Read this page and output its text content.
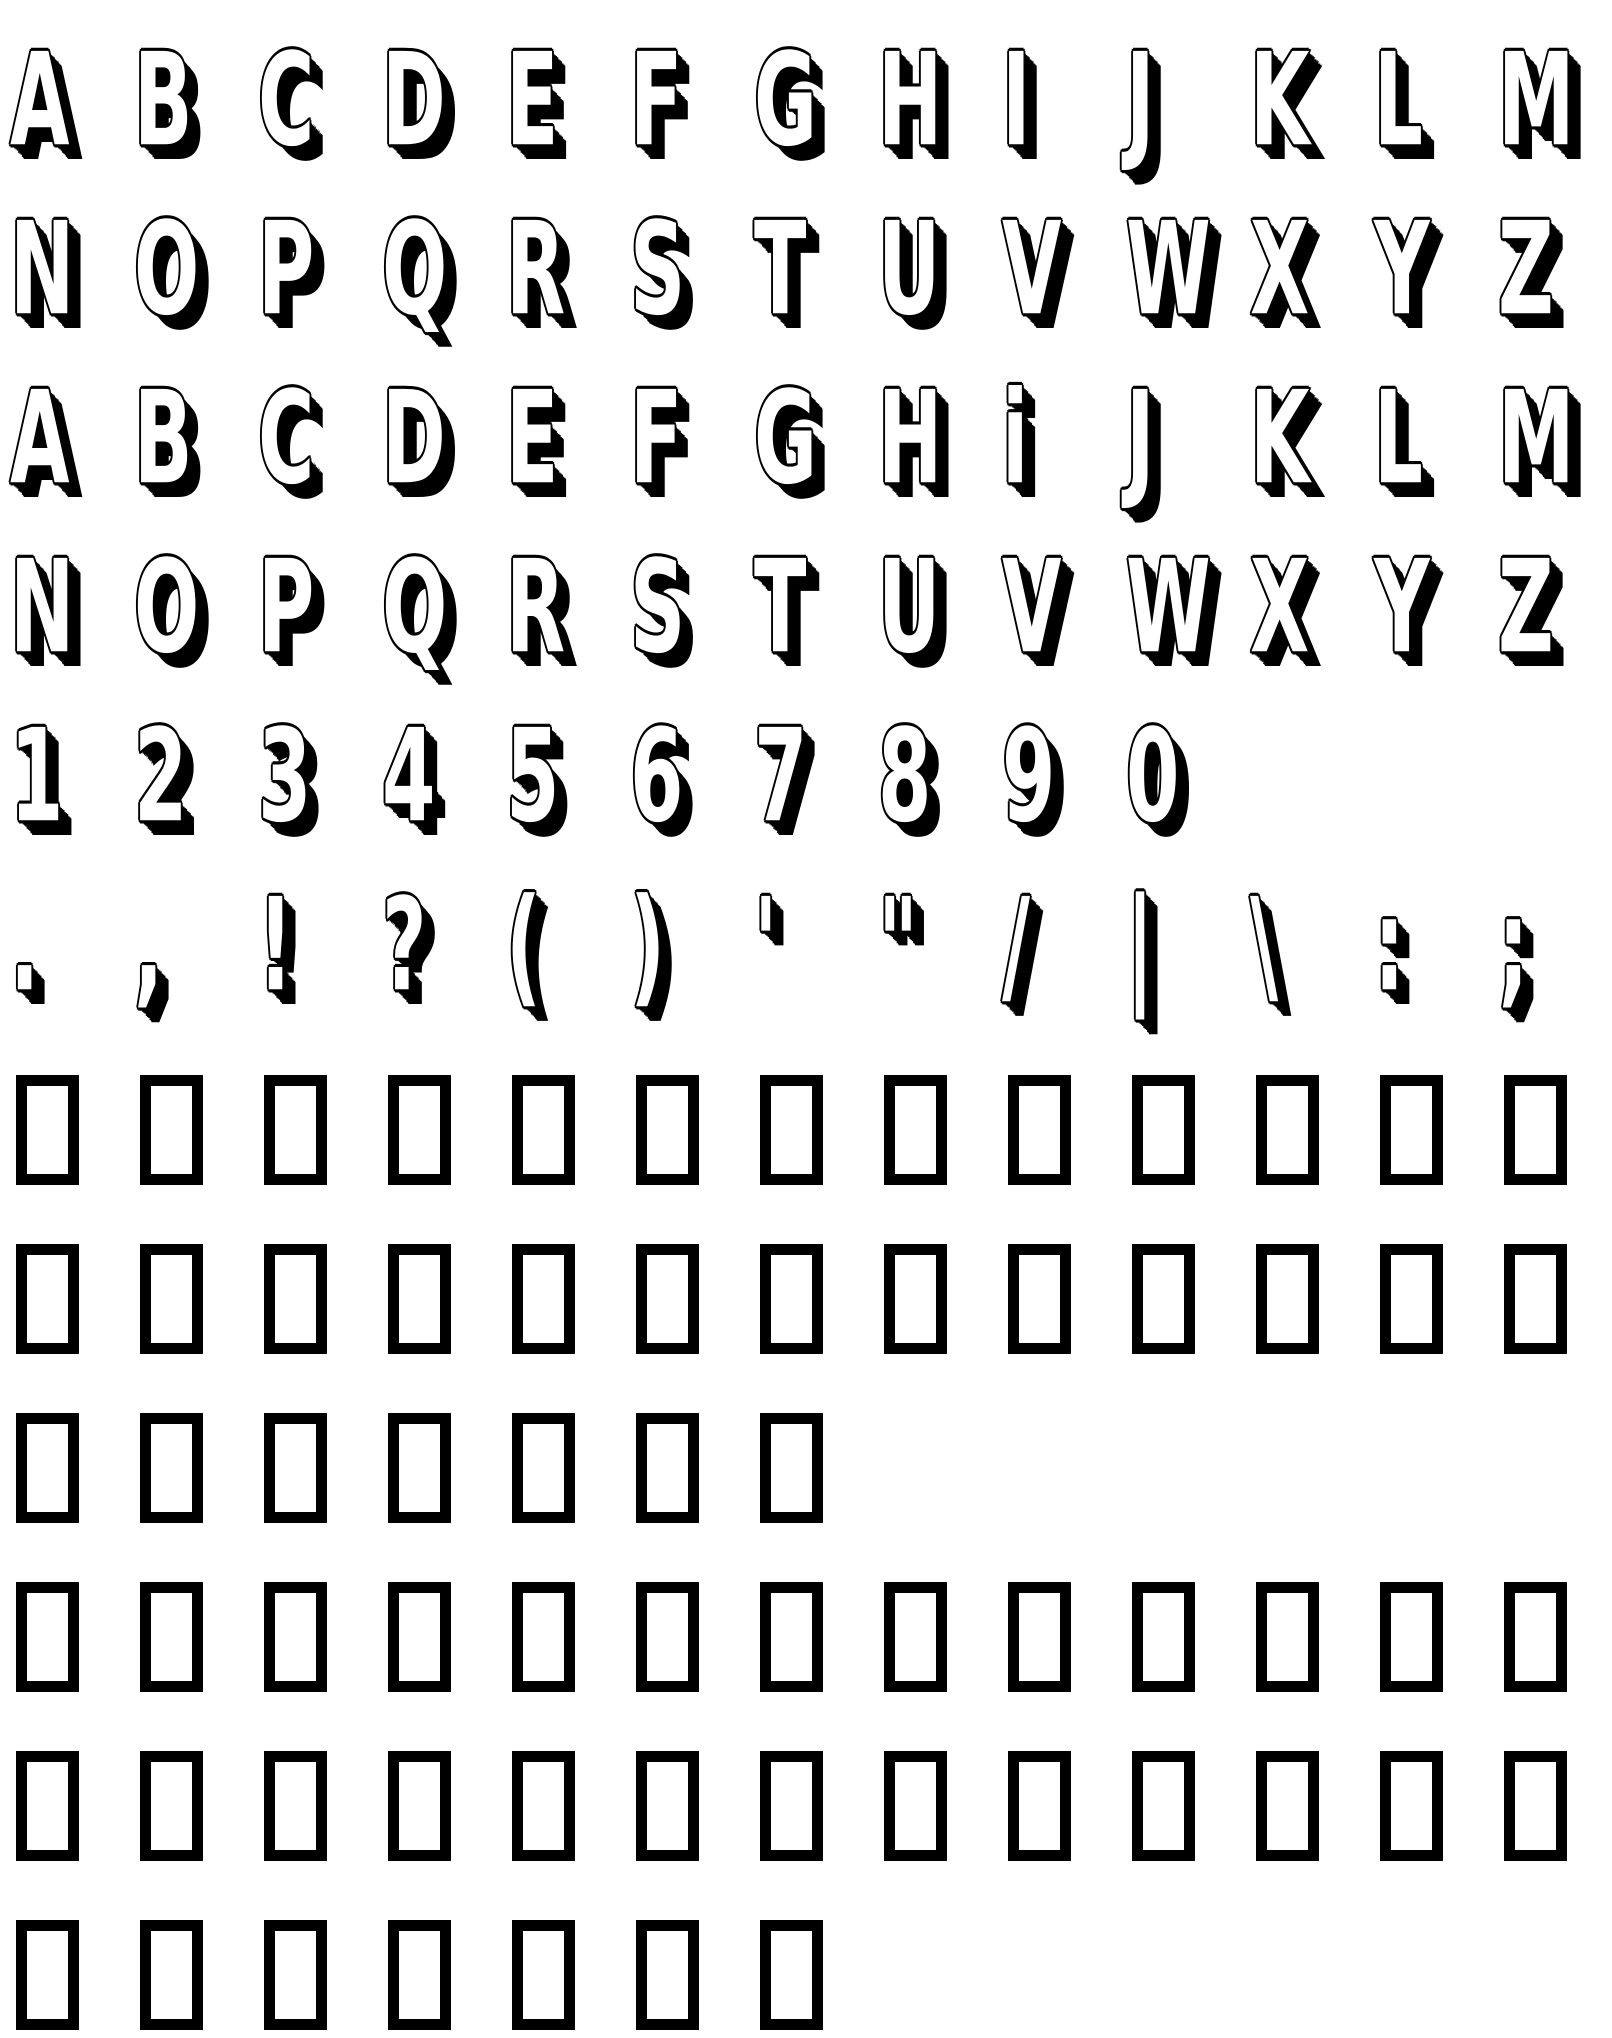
A B C D E F G H I J K L M
N O P Q R S T U V W X Y Z
A B C D E F G H i J K L M
N O P Q R S T U V W X Y Z
1 2 3 4 5 6 7 8 9 0
. , ! ? ( ) ' " / | \ : ;
